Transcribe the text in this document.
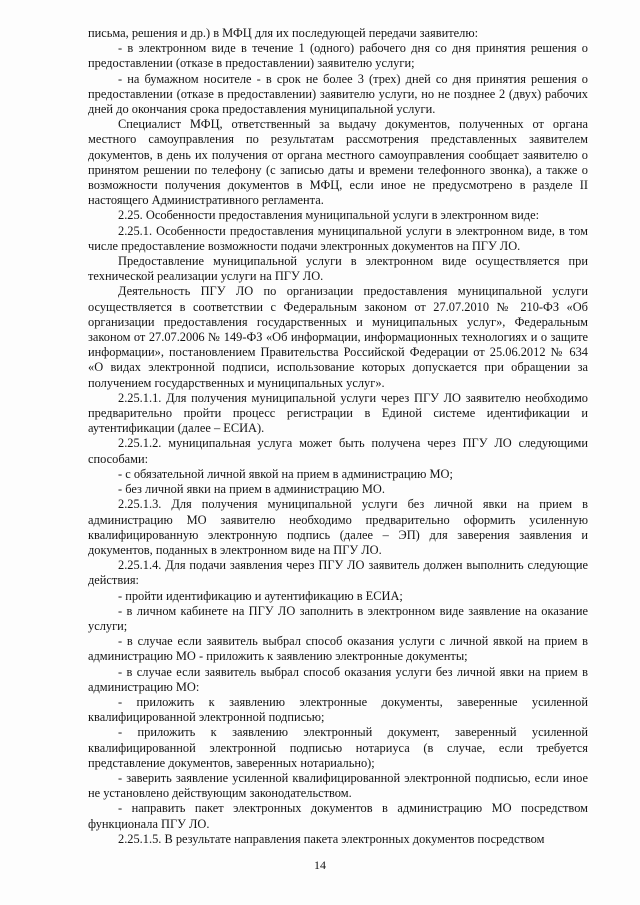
письма, решения и др.) в МФЦ для их последующей передачи заявителю:

- в электронном виде в течение 1 (одного) рабочего дня со дня принятия решения о предоставлении (отказе в предоставлении) заявителю услуги;

- на бумажном носителе - в срок не более 3 (трех) дней со дня принятия решения о предоставлении (отказе в предоставлении) заявителю услуги, но не позднее 2 (двух) рабочих дней до окончания срока предоставления муниципальной услуги.

Специалист МФЦ, ответственный за выдачу документов, полученных от органа местного самоуправления по результатам рассмотрения представленных заявителем документов, в день их получения от органа местного самоуправления сообщает заявителю о принятом решении по телефону (с записью даты и времени телефонного звонка), а также о возможности получения документов в МФЦ, если иное не предусмотрено в разделе II настоящего Административного регламента.

2.25. Особенности предоставления муниципальной услуги в электронном виде:

2.25.1. Особенности предоставления муниципальной услуги в электронном виде, в том числе предоставление возможности подачи электронных документов на ПГУ ЛО.

Предоставление муниципальной услуги в электронном виде осуществляется при технической реализации услуги на ПГУ ЛО.

Деятельность ПГУ ЛО по организации предоставления муниципальной услуги осуществляется в соответствии с Федеральным законом от 27.07.2010 № 210-ФЗ «Об организации предоставления государственных и муниципальных услуг», Федеральным законом от 27.07.2006 № 149-ФЗ «Об информации, информационных технологиях и о защите информации», постановлением Правительства Российской Федерации от 25.06.2012 № 634 «О видах электронной подписи, использование которых допускается при обращении за получением государственных и муниципальных услуг».

2.25.1.1. Для получения муниципальной услуги через ПГУ ЛО заявителю необходимо предварительно пройти процесс регистрации в Единой системе идентификации и аутентификации (далее – ЕСИА).

2.25.1.2. муниципальная услуга может быть получена через ПГУ ЛО следующими способами:

- с обязательной личной явкой на прием в администрацию МО;

- без личной явки на прием в администрацию МО.

2.25.1.3. Для получения муниципальной услуги без личной явки на прием в администрацию МО заявителю необходимо предварительно оформить усиленную квалифицированную электронную подпись (далее – ЭП) для заверения заявления и документов, поданных в электронном виде на ПГУ ЛО.

2.25.1.4. Для подачи заявления через ПГУ ЛО заявитель должен выполнить следующие действия:

- пройти идентификацию и аутентификацию в ЕСИА;

- в личном кабинете на ПГУ ЛО заполнить в электронном виде заявление на оказание услуги;

- в случае если заявитель выбрал способ оказания услуги с личной явкой на прием в администрацию МО - приложить к заявлению электронные документы;

- в случае если заявитель выбрал способ оказания услуги без личной явки на прием в администрацию МО:

- приложить к заявлению электронные документы, заверенные усиленной квалифицированной электронной подписью;

- приложить к заявлению электронный документ, заверенный усиленной квалифицированной электронной подписью нотариуса (в случае, если требуется представление документов, заверенных нотариально);

- заверить заявление усиленной квалифицированной электронной подписью, если иное не установлено действующим законодательством.

- направить пакет электронных документов в администрацию МО посредством функционала ПГУ ЛО.

2.25.1.5. В результате направления пакета электронных документов посредством

14
